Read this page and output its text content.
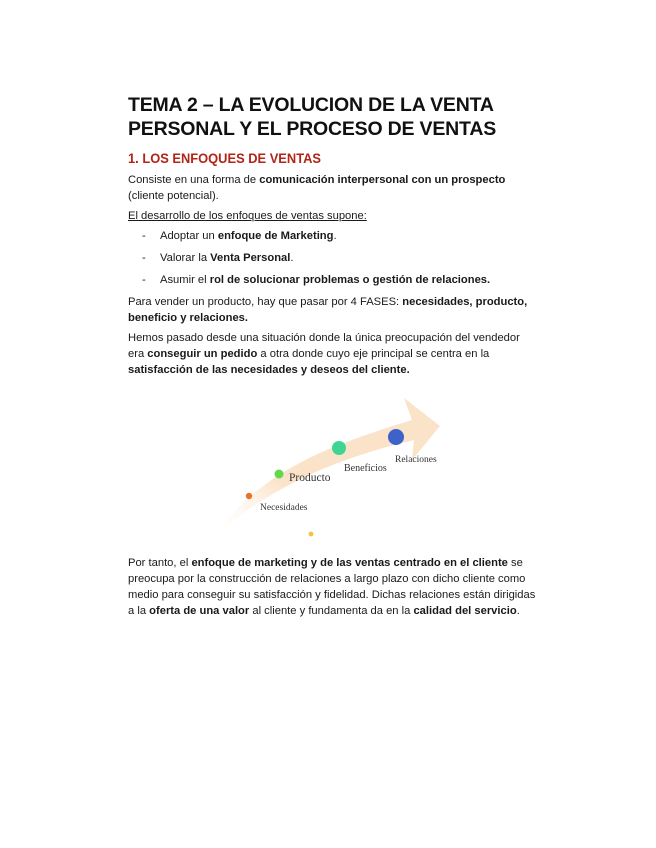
TEMA 2 – LA EVOLUCION DE LA VENTA
PERSONAL Y EL PROCESO DE VENTAS
1. LOS ENFOQUES DE VENTAS

Consiste en una forma de comunicación interpersonal con un prospecto (cliente potencial).

El desarrollo de los enfoques de ventas supone:

- Adoptar un enfoque de Marketing.
- Valorar la Venta Personal.
- Asumir el rol de solucionar problemas o gestión de relaciones.

Para vender un producto, hay que pasar por 4 FASES: necesidades, producto, beneficio y relaciones.

Hemos pasado desde una situación donde la única preocupación del vendedor era conseguir un pedido a otra donde cuyo eje principal se centra en la satisfacción de las necesidades y deseos del cliente.

Necesidades
Producto
Beneficios
Relaciones

Por tanto, el enfoque de marketing y de las ventas centrado en el cliente se preocupa por la construcción de relaciones a largo plazo con dicho cliente como medio para conseguir su satisfacción y fidelidad. Dichas relaciones están dirigidas a la oferta de una valor al cliente y fundamenta da en la calidad del servicio.
